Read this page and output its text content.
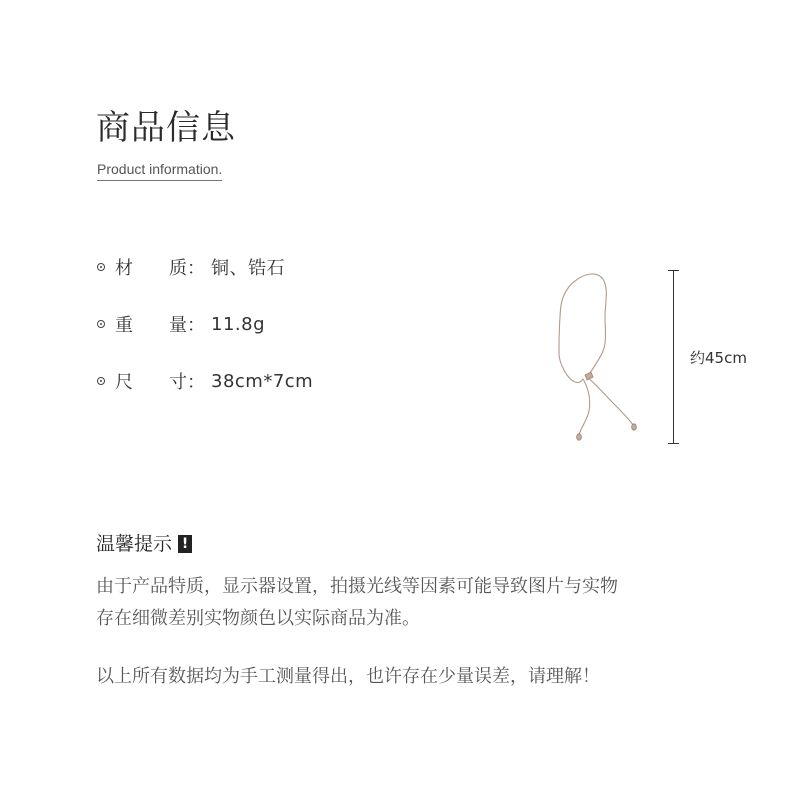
商品信息
Product information.
材　　质： 铜、锆石
重　　量： 11.8g
尺　　寸： 38cm*7cm
约45cm
温馨提示 !
由于产品特质，显示器设置，拍摄光线等因素可能导致图片与实物
存在细微差别实物颜色以实际商品为准。
以上所有数据均为手工测量得出，也许存在少量误差，请理解！
